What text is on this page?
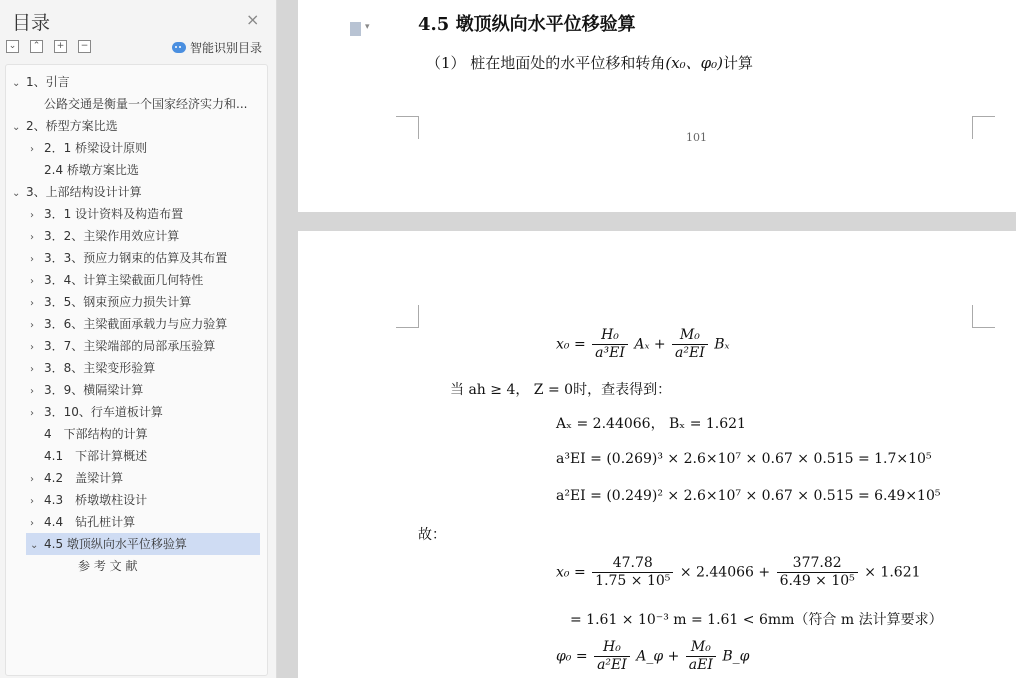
目录	×
⌄	⌃	+	−	智能识别目录
⌄ 1、引言
公路交通是衡量一个国家经济实力和...
⌄ 2、桥型方案比选
› 2．1 桥梁设计原则
2.4 桥墩方案比选
⌄ 3、上部结构设计计算
› 3．1 设计资料及构造布置
› 3．2、主梁作用效应计算
› 3．3、预应力钢束的估算及其布置
› 3．4、计算主梁截面几何特性
› 3．5、钢束预应力损失计算
› 3．6、主梁截面承载力与应力验算
› 3．7、主梁端部的局部承压验算
› 3．8、主梁变形验算
› 3．9、横隔梁计算
› 3．10、行车道板计算
4　下部结构的计算
4.1　下部计算概述
› 4.2　盖梁计算
› 4.3　桥墩墩柱设计
› 4.4　钻孔桩计算
⌄ 4.5 墩顶纵向水平位移验算
参 考 文 献
4.5 墩顶纵向水平位移验算
（1） 桩在地面处的水平位移和转角(x₀、φ₀)计算
101
$x_0 = \frac{\text{H₀}}{\text{a³EI}}$ $A_x + \frac{\text{M₀}}{\text{a²EI}}$ Bₓ
当 ah ≥ 4， Z = 0时，查表得到：
Aₓ = 2.44066， Bₓ = 1.621
a³EI = (0.269)³ × 2.6×10⁷ × 0.67 × 0.515 = 1.7×10⁵
a²EI = (0.249)² × 2.6×10⁷ × 0.67 × 0.515 = 6.49×10⁵
故：
$x_0 = \frac{47.78}{\text{1.75 × 10⁵}} \times 2.44066 + \frac{377.82}{\text{6.49 × 10⁵}} \times 1.621$
= 1.61 × 10⁻³ m = 1.61 < 6mm（符合 m 法计算要求）
$\varphi_0 = \frac{\text{H₀}}{\text{a²EI}}$ A_φ + $\frac{\text{M₀}}{\text{aEI}}$ B_φ
